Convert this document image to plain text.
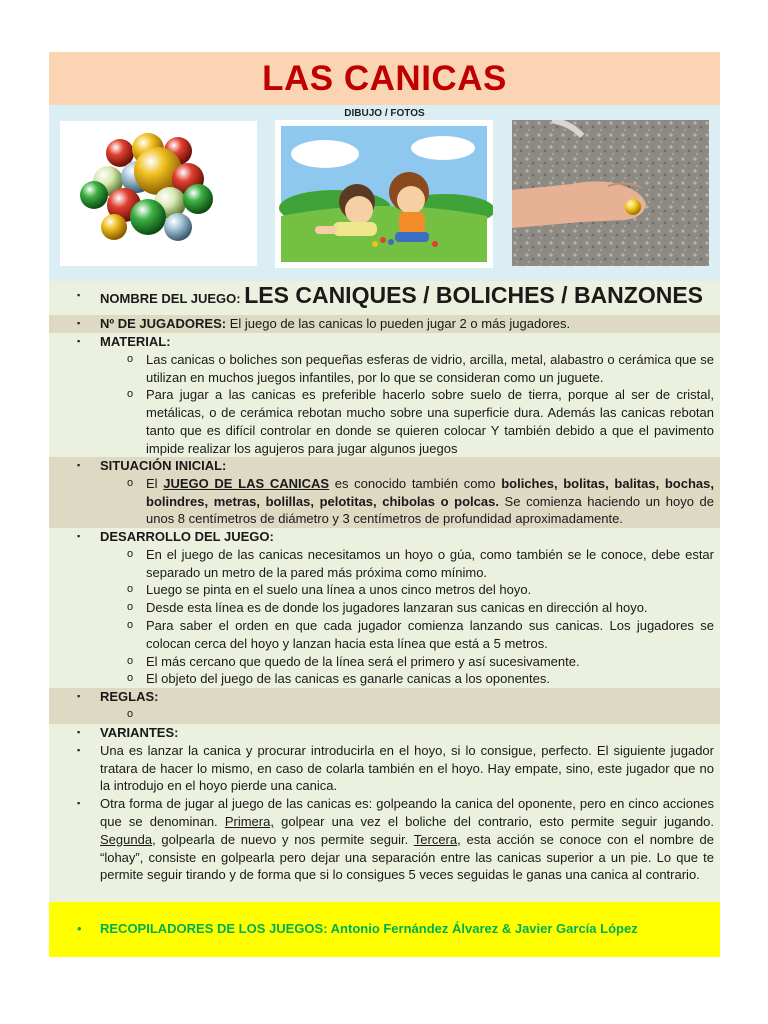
LAS CANICAS
DIBUJO / FOTOS
▪ NOMBRE DEL JUEGO: LES CANIQUES / BOLICHES / BANZONES
▪ Nº DE JUGADORES: El juego de las canicas lo pueden jugar 2 o más jugadores.
▪ MATERIAL:
o Las canicas o boliches son pequeñas esferas de vidrio, arcilla, metal, alabastro o cerámica que se utilizan en muchos juegos infantiles, por lo que se consideran como un juguete.
o Para jugar a las canicas es preferible hacerlo sobre suelo de tierra, porque al ser de cristal, metálicas, o de cerámica rebotan mucho sobre una superficie dura. Además las canicas rebotan tanto que es difícil controlar en donde se quieren colocar Y también debido a que el pavimento impide realizar los agujeros para jugar algunos juegos
▪ SITUACIÓN INICIAL:
o El JUEGO DE LAS CANICAS es conocido también como boliches, bolitas, balitas, bochas, bolindres, metras, bolillas, pelotitas, chibolas o polcas. Se comienza haciendo un hoyo de unos 8 centímetros de diámetro y 3 centímetros de profundidad aproximadamente.
▪ DESARROLLO DEL JUEGO:
o En el juego de las canicas necesitamos un hoyo o gúa, como también se le conoce, debe estar separado un metro de la pared más próxima como mínimo.
o Luego se pinta en el suelo una línea a unos cinco metros del hoyo.
o Desde esta línea es de donde los jugadores lanzaran sus canicas en dirección al hoyo.
o Para saber el orden en que cada jugador comienza lanzando sus canicas. Los jugadores se colocan cerca del hoyo y lanzan hacia esta línea que está a 5 metros.
o El más cercano que quedo de la línea será el primero y así sucesivamente.
o El objeto del juego de las canicas es ganarle canicas a los oponentes.
▪ REGLAS:
o
▪ VARIANTES:
▪ Una es lanzar la canica y procurar introducirla en el hoyo, si lo consigue, perfecto. El siguiente jugador tratara de hacer lo mismo, en caso de colarla también en el hoyo. Hay empate, sino, este jugador que no la introdujo en el hoyo pierde una canica.
▪ Otra forma de jugar al juego de las canicas es: golpeando la canica del oponente, pero en cinco acciones que se denominan. Primera, golpear una vez el boliche del contrario, esto permite seguir jugando. Segunda, golpearla de nuevo y nos permite seguir. Tercera, esta acción se conoce con el nombre de “lohay”, consiste en golpearla pero dejar una separación entre las canicas superior a un pie. Lo que te permite seguir tirando y de forma que si lo consigues 5 veces seguidas le ganas una canica al contrario.
• RECOPILADORES DE LOS JUEGOS: Antonio Fernández Álvarez & Javier García López
